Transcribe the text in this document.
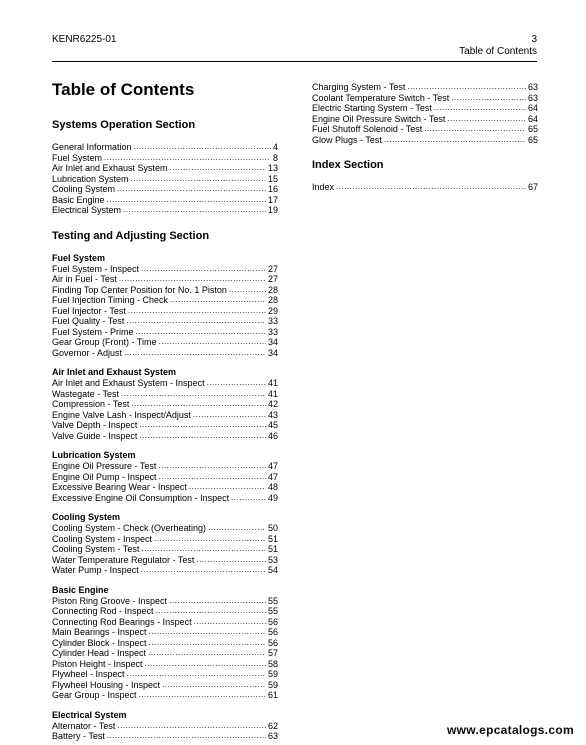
KENR6225-01	3
Table of Contents
Table of Contents
Systems Operation Section
General Information .....	4
Fuel System .....	8
Air Inlet and Exhaust System .....	13
Lubrication System .....	15
Cooling System .....	16
Basic Engine .....	17
Electrical System .....	19
Testing and Adjusting Section
Fuel System
Fuel System - Inspect .....	27
Air in Fuel - Test .....	27
Finding Top Center Position for No. 1 Piston .....	28
Fuel Injection Timing - Check .....	28
Fuel Injector - Test .....	29
Fuel Quality - Test .....	33
Fuel System - Prime .....	33
Gear Group (Front) - Time .....	34
Governor - Adjust .....	34
Air Inlet and Exhaust System
Air Inlet and Exhaust System - Inspect .....	41
Wastegate - Test .....	41
Compression - Test .....	42
Engine Valve Lash - Inspect/Adjust .....	43
Valve Depth - Inspect .....	45
Valve Guide - Inspect .....	46
Lubrication System
Engine Oil Pressure - Test .....	47
Engine Oil Pump - Inspect .....	47
Excessive Bearing Wear - Inspect .....	48
Excessive Engine Oil Consumption - Inspect .....	49
Cooling System
Cooling System - Check (Overheating) .....	50
Cooling System - Inspect .....	51
Cooling System - Test .....	51
Water Temperature Regulator - Test .....	53
Water Pump - Inspect .....	54
Basic Engine
Piston Ring Groove - Inspect .....	55
Connecting Rod - Inspect .....	55
Connecting Rod Bearings - Inspect .....	56
Main Bearings - Inspect .....	56
Cylinder Block - Inspect .....	56
Cylinder Head - Inspect .....	57
Piston Height - Inspect .....	58
Flywheel - Inspect .....	59
Flywheel Housing - Inspect .....	59
Gear Group - Inspect .....	61
Electrical System
Alternator - Test .....	62
Battery - Test .....	63
Charging System - Test .....	63
Coolant Temperature Switch - Test .....	63
Electric Starting System - Test .....	64
Engine Oil Pressure Switch - Test .....	64
Fuel Shutoff Solenoid - Test .....	65
Glow Plugs - Test .....	65
Index Section
Index .....	67
www.epcatalogs.com
